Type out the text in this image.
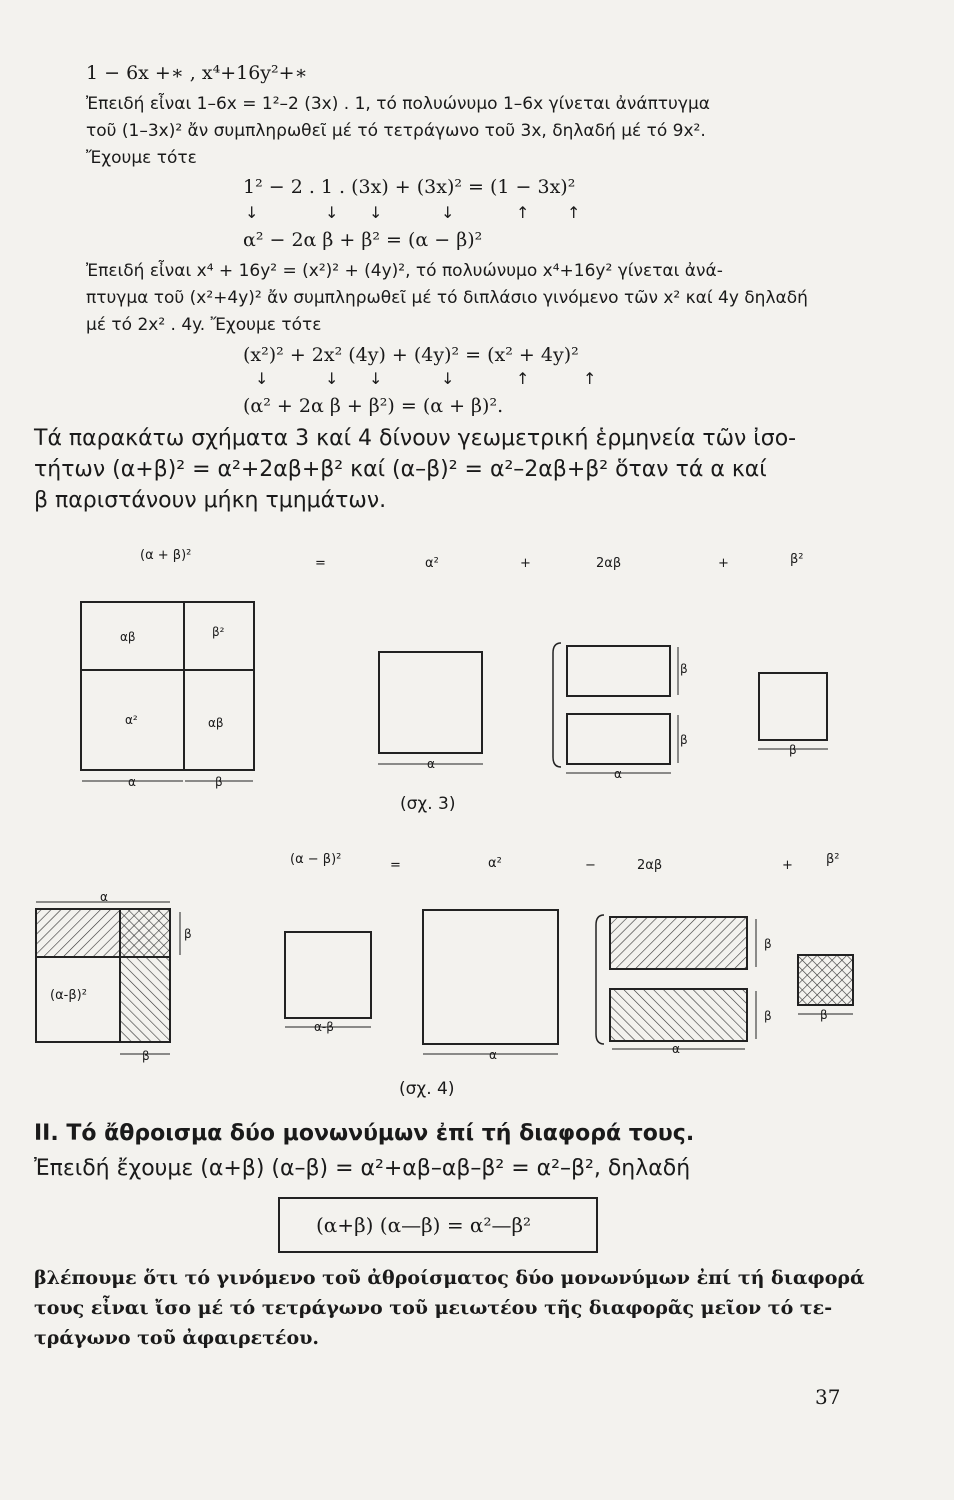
1 − 6x +∗ , x⁴+16y²+∗
Ἐπειδή εἶναι 1–6x = 1²–2 (3x) . 1, τό πολυώνυμο 1–6x γίνεται ἀνάπτυγμα
τοῦ (1–3x)² ἄν συμπληρωθεῖ μέ τό τετράγωνο τοῦ 3x, δηλαδή μέ τό 9x².
Ἔχουμε τότε
1² − 2 . 1 . (3x) + (3x)² = (1 − 3x)²
↓	↓ ↓	↓	↑ ↑
α² − 2α β + β² = (α − β)²
Ἐπειδή εἶναι x⁴ + 16y² = (x²)² + (4y)², τό πολυώνυμο x⁴+16y² γίνεται ἀνά-
πτυγμα τοῦ (x²+4y)² ἄν συμπληρωθεῖ μέ τό διπλάσιο γινόμενο τῶν x² καί 4y δηλαδή
μέ τό 2x² . 4y. Ἔχουμε τότε
(x²)² + 2x² (4y) + (4y)² = (x² + 4y)²
↓	↓ ↓	↓	↑	↑
(α² + 2α β + β²) = (α + β)².
Τά παρακάτω σχήματα 3 καί 4 δίνουν γεωμετρική ἑρμηνεία τῶν ἰσο-
τήτων (α+β)² = α²+2αβ+β² καί (α–β)² = α²–2αβ+β² ὅταν τά α καί
β παριστάνουν μήκη τμημάτων.
(α + β)²
=	α²	+	2αβ	+	β²
αβ	β²
α²	αβ
α	β
α
β
β
α
β
(σχ. 3)
(α − β)²	=	α²	−	2αβ	+	β²
α
β
(α-β)²
β
α-β
α
β
β
α
β
(σχ. 4)
ΙΙ. Τό ἄθροισμα δύο μονωνύμων ἐπί τή διαφορά τους.
Ἐπειδή ἔχουμε (α+β) (α–β) = α²+αβ–αβ–β² = α²–β², δηλαδή
(α+β) (α—β) = α²—β²
βλέπουμε ὅτι τό γινόμενο τοῦ ἀθροίσματος δύο μονωνύμων ἐπί τή διαφορά
τους εἶναι ἴσο μέ τό τετράγωνο τοῦ μειωτέου τῆς διαφορᾶς μεῖον τό τε-
τράγωνο τοῦ ἀφαιρετέου.
37
